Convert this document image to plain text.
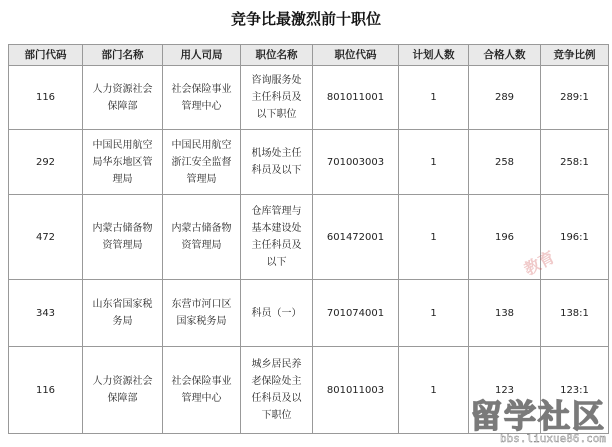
竞争比最激烈前十职位
部门代码	部门名称	用人司局	职位名称	职位代码	计划人数	合格人数	竞争比例
116	人力资源社会保障部	社会保险事业管理中心	咨询服务处主任科员及以下职位	801011001	1	289	289:1
292	中国民用航空局华东地区管理局	中国民用航空浙江安全监督管理局	机场处主任科员及以下	701003003	1	258	258:1
472	内蒙古储备物资管理局	内蒙古储备物资管理局	仓库管理与基本建设处主任科员及以下	601472001	1	196	196:1
343	山东省国家税务局	东营市河口区国家税务局	科员（一）	701074001	1	138	138:1
116	人力资源社会保障部	社会保险事业管理中心	城乡居民养老保险处主任科员及以下职位	801011003	1	123	123:1
教育
留学社区
bbs.liuxue86.com
